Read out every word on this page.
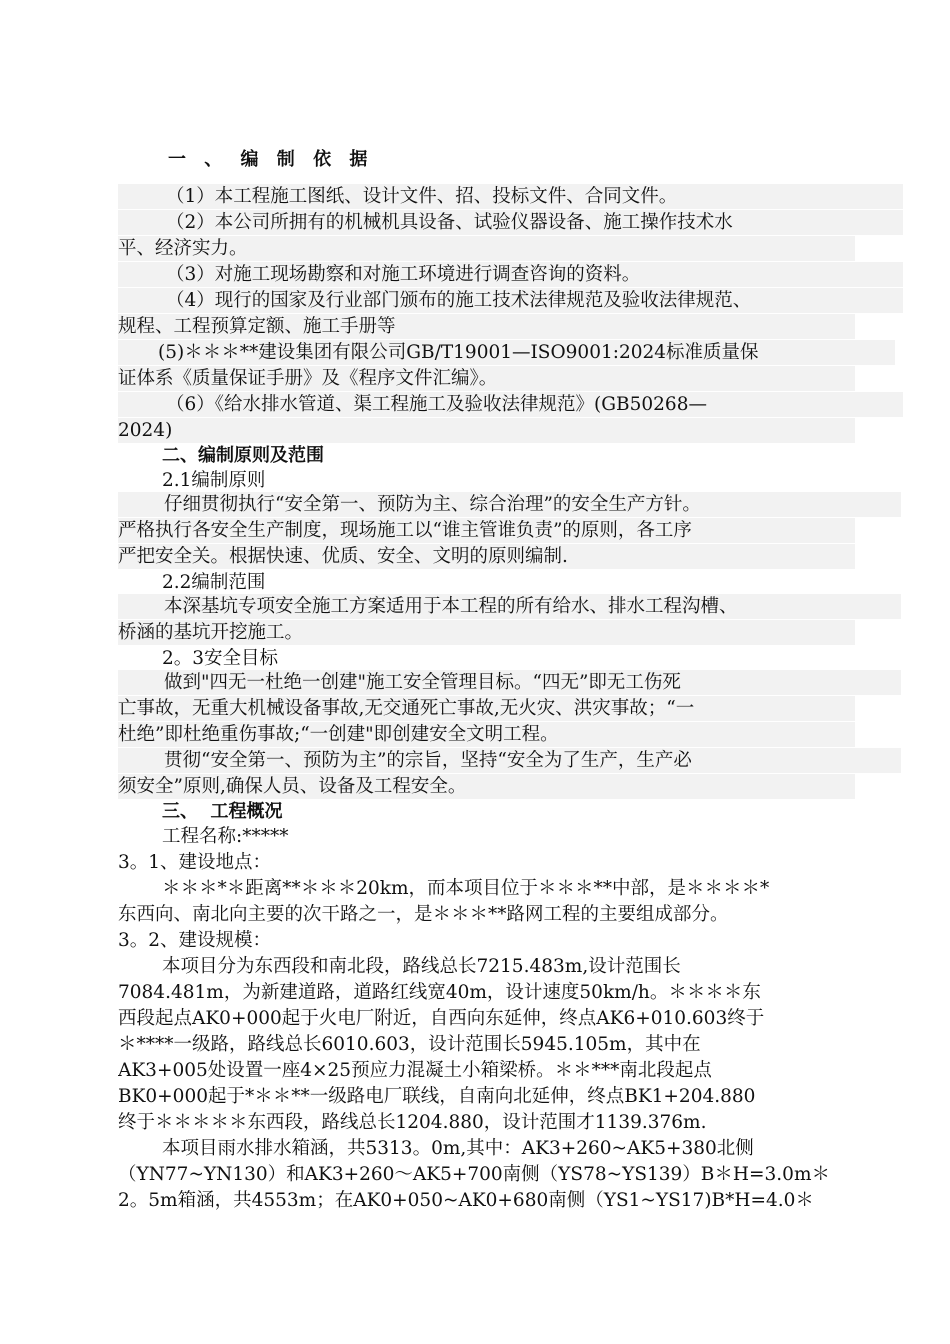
一 、 编 制 依 据
（1）本工程施工图纸、设计文件、招、投标文件、合同文件。
（2）本公司所拥有的机械机具设备、试验仪器设备、施工操作技术水
平、经济实力。
（3）对施工现场勘察和对施工环境进行调查咨询的资料。
（4）现行的国家及行业部门颁布的施工技术法律规范及验收法律规范、
规程、工程预算定额、施工手册等
(5)＊＊＊**建设集团有限公司GB/T19001—ISO9001:2024标准质量保
证体系《质量保证手册》及《程序文件汇编》。
（6）《给水排水管道、渠工程施工及验收法律规范》(GB50268—
2024)
二、编制原则及范围
2.1编制原则
仔细贯彻执行“安全第一、预防为主、综合治理”的安全生产方针。
严格执行各安全生产制度，现场施工以“谁主管谁负责”的原则，各工序
严把安全关。根据快速、优质、安全、文明的原则编制.
2.2编制范围
本深基坑专项安全施工方案适用于本工程的所有给水、排水工程沟槽、
桥涵的基坑开挖施工。
2。3安全目标
做到"四无一杜绝一创建"施工安全管理目标。“四无”即无工伤死
亡事故，无重大机械设备事故,无交通死亡事故,无火灾、洪灾事故；“一
杜绝”即杜绝重伤事故;“一创建"即创建安全文明工程。
贯彻“安全第一、预防为主”的宗旨，坚持“安全为了生产，生产必
须安全”原则,确保人员、设备及工程安全。
三、  工程概况
工程名称:*****
3。1、建设地点：
＊＊＊*＊距离**＊＊＊20km，而本项目位于＊＊＊**中部，是＊＊＊＊*
东西向、南北向主要的次干路之一，是＊＊＊**路网工程的主要组成部分。
3。2、建设规模：
本项目分为东西段和南北段，路线总长7215.483m,设计范围长
7084.481m，为新建道路，道路红线宽40m，设计速度50km/h。＊＊＊＊东
西段起点AK0+000起于火电厂附近，自西向东延伸，终点AK6+010.603终于
＊****一级路，路线总长6010.603，设计范围长5945.105m，其中在
AK3+005处设置一座4×25预应力混凝土小箱梁桥。＊＊***南北段起点
BK0+000起于*＊＊**一级路电厂联线，自南向北延伸，终点BK1+204.880
终于＊＊＊＊＊东西段，路线总长1204.880，设计范围才1139.376m.
本项目雨水排水箱涵，共5313。0m,其中：AK3+260~AK5+380北侧
（YN77~YN130）和AK3+260～AK5+700南侧（YS78~YS139）B＊H=3.0m＊
2。5m箱涵，共4553m；在AK0+050~AK0+680南侧（YS1~YS17)B*H=4.0＊
